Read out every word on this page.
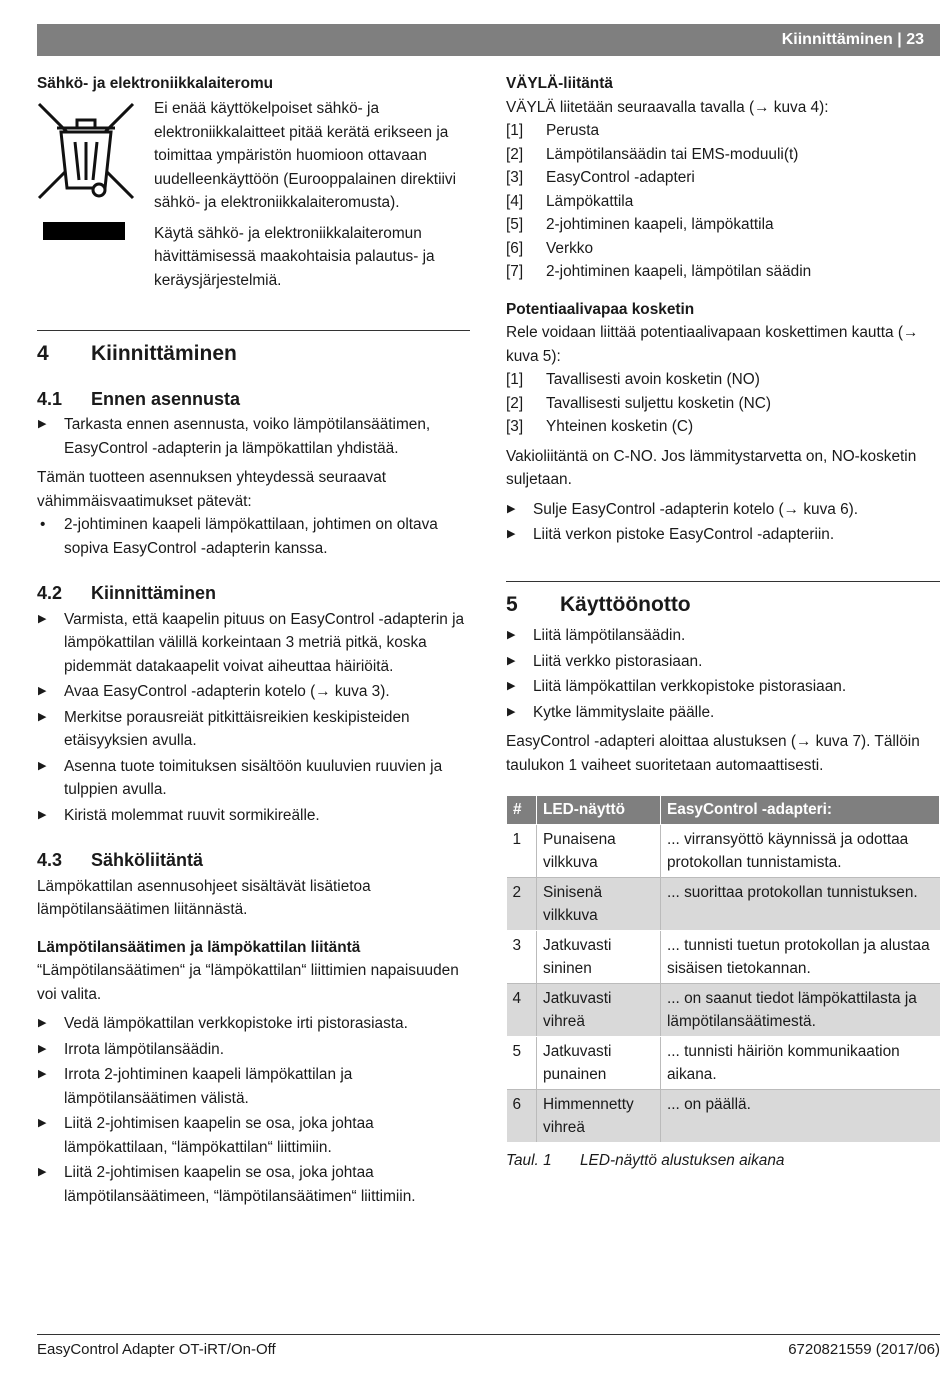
Kiinnittäminen | 23

Sähkö- ja elektroniikkalaiteromu

Ei enää käyttökelpoiset sähkö- ja elektroniikkalaitteet pitää kerätä erikseen ja toimittaa ympäristön huomioon ottavaan uudelleenkäyttöön (Eurooppalainen direktiivi sähkö- ja elektroniikkalaiteromusta).

Käytä sähkö- ja elektroniikkalaiteromun hävittämisessä maakohtaisia palautus- ja keräysjärjestelmiä.

4 Kiinnittäminen
4.1 Ennen asennusta
▶ Tarkasta ennen asennusta, voiko lämpötilansäätimen, EasyControl -adapterin ja lämpökattilan yhdistää.

Tämän tuotteen asennuksen yhteydessä seuraavat vähimmäisvaatimukset pätevät:

• 2-johtiminen kaapeli lämpökattilaan, johtimen on oltava sopiva EasyControl -adapterin kanssa.
4.2 Kiinnittäminen
▶ Varmista, että kaapelin pituus on EasyControl -adapterin ja lämpökattilan välillä korkeintaan 3 metriä pitkä, koska pidemmät datakaapelit voivat aiheuttaa häiriöitä.
▶ Avaa EasyControl -adapterin kotelo (→ kuva 3).
▶ Merkitse porausreiät pitkittäisreikien keskipisteiden etäisyyksien avulla.
▶ Asenna tuote toimituksen sisältöön kuuluvien ruuvien ja tulppien avulla.
▶ Kiristä molemmat ruuvit sormikireälle.
4.3 Sähköliitäntä

Lämpökattilan asennusohjeet sisältävät lisätietoa lämpötilansäätimen liitännästä.

Lämpötilansäätimen ja lämpökattilan liitäntä

“Lämpötilansäätimen“ ja “lämpökattilan“ liittimien napaisuuden voi valita.

▶ Vedä lämpökattilan verkkopistoke irti pistorasiasta.
▶ Irrota lämpötilansäädin.
▶ Irrota 2-johtiminen kaapeli lämpökattilan ja lämpötilansäätimen välistä.
▶ Liitä 2-johtimisen kaapelin se osa, joka johtaa lämpökattilaan, “lämpökattilan“ liittimiin.
▶ Liitä 2-johtimisen kaapelin se osa, joka johtaa lämpötilansäätimeen, “lämpötilansäätimen“ liittimiin.

VÄYLÄ-liitäntä

VÄYLÄ liitetään seuraavalla tavalla (→ kuva 4):

[1] Perusta
[2] Lämpötilansäädin tai EMS-moduuli(t)
[3] EasyControl -adapteri
[4] Lämpökattila
[5] 2-johtiminen kaapeli, lämpökattila
[6] Verkko
[7] 2-johtiminen kaapeli, lämpötilan säädin

Potentiaalivapaa kosketin

Rele voidaan liittää potentiaalivapaan koskettimen kautta (→ kuva 5):

[1] Tavallisesti avoin kosketin (NO)
[2] Tavallisesti suljettu kosketin (NC)
[3] Yhteinen kosketin (C)

Vakioliitäntä on C-NO. Jos lämmitystarvetta on, NO-kosketin suljetaan.

▶ Sulje EasyControl -adapterin kotelo (→ kuva 6).
▶ Liitä verkon pistoke EasyControl -adapteriin.
5 Käyttöönotto
▶ Liitä lämpötilansäädin.
▶ Liitä verkko pistorasiaan.
▶ Liitä lämpökattilan verkkopistoke pistorasiaan.
▶ Kytke lämmityslaite päälle.

EasyControl -adapteri aloittaa alustuksen (→ kuva 7). Tällöin taulukon 1 vaiheet suoritetaan automaattisesti.

#	LED-näyttö	EasyControl -adapteri:
1	Punaisena vilkkuva	... virransyöttö käynnissä ja odottaa protokollan tunnistamista.
2	Sinisenä vilkkuva	... suorittaa protokollan tunnistuksen.
3	Jatkuvasti sininen	... tunnisti tuetun protokollan ja alustaa sisäisen tietokannan.
4	Jatkuvasti vihreä	... on saanut tiedot lämpökattilasta ja lämpötilansäätimestä.
5	Jatkuvasti punainen	... tunnisti häiriön kommunikaation aikana.
6	Himmennetty vihreä	... on päällä.

Taul. 1 LED-näyttö alustuksen aikana

EasyControl Adapter OT-iRT/On-Off	6720821559 (2017/06)
